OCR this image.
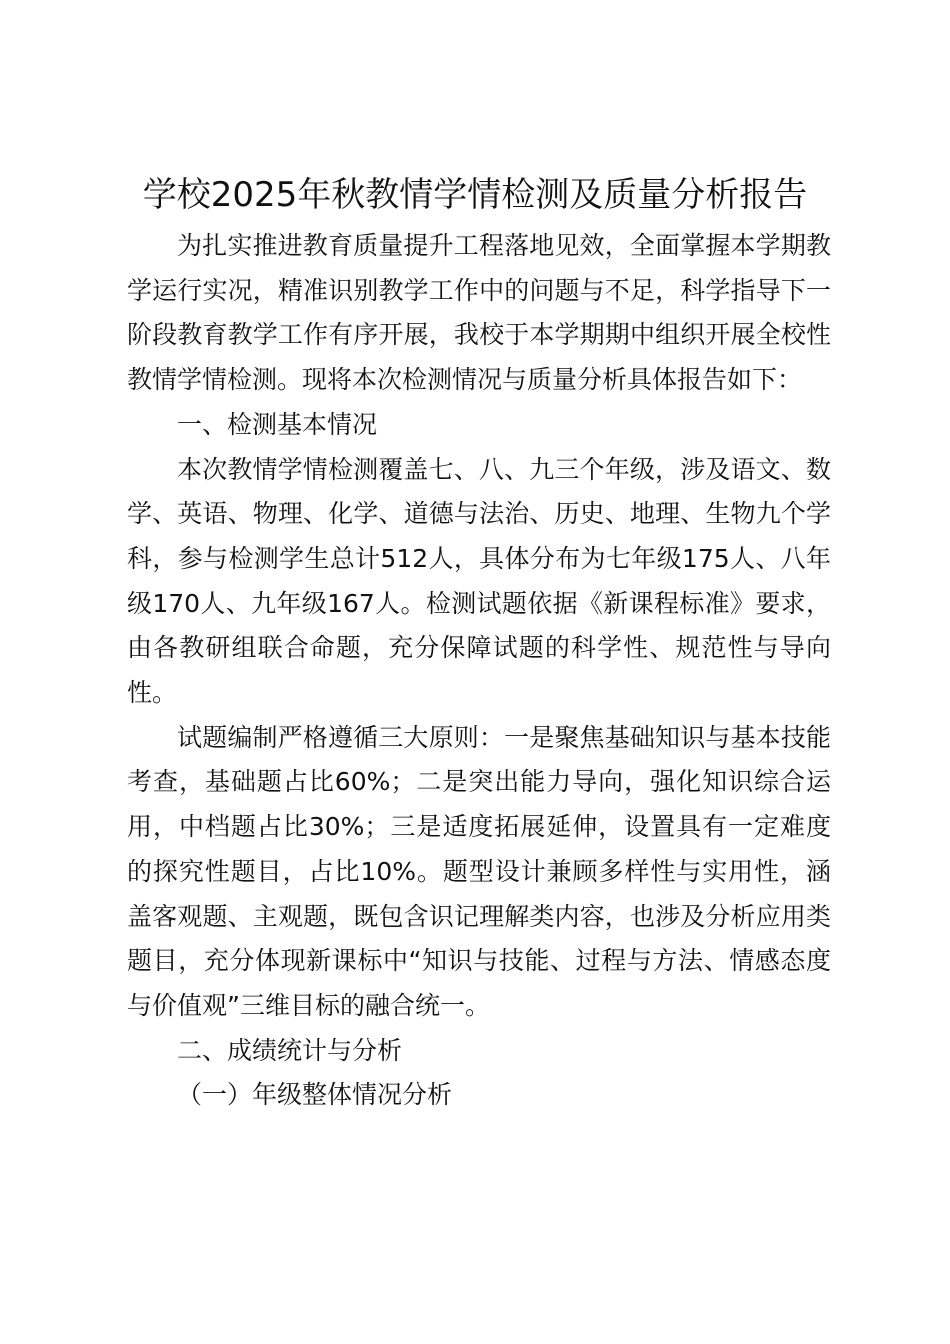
学校2025年秋教情学情检测及质量分析报告

为扎实推进教育质量提升工程落地见效，全面掌握本学期教学运行实况，精准识别教学工作中的问题与不足，科学指导下一阶段教育教学工作有序开展，我校于本学期期中组织开展全校性教情学情检测。现将本次检测情况与质量分析具体报告如下：

一、检测基本情况

本次教情学情检测覆盖七、八、九三个年级，涉及语文、数学、英语、物理、化学、道德与法治、历史、地理、生物九个学科，参与检测学生总计512人，具体分布为七年级175人、八年级170人、九年级167人。检测试题依据《新课程标准》要求，由各教研组联合命题，充分保障试题的科学性、规范性与导向性。

试题编制严格遵循三大原则：一是聚焦基础知识与基本技能考查，基础题占比60%；二是突出能力导向，强化知识综合运用，中档题占比30%；三是适度拓展延伸，设置具有一定难度的探究性题目，占比10%。题型设计兼顾多样性与实用性，涵盖客观题、主观题，既包含识记理解类内容，也涉及分析应用类题目，充分体现新课标中“知识与技能、过程与方法、情感态度与价值观”三维目标的融合统一。

二、成绩统计与分析

（一）年级整体情况分析
